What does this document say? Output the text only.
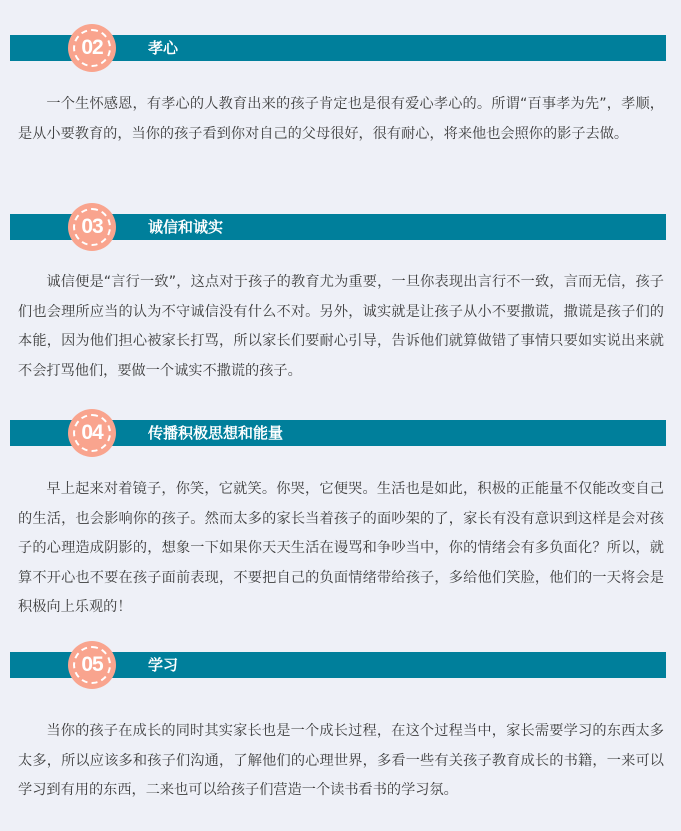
02	孝心

一个生怀感恩，有孝心的人教育出来的孩子肯定也是很有爱心孝心的。所谓“百事孝为先”，孝顺，是从小要教育的，当你的孩子看到你对自己的父母很好，很有耐心，将来他也会照你的影子去做。

03	诚信和诚实

诚信便是“言行一致”，这点对于孩子的教育尤为重要，一旦你表现出言行不一致，言而无信，孩子们也会理所应当的认为不守诚信没有什么不对。另外，诚实就是让孩子从小不要撒谎，撒谎是孩子们的本能，因为他们担心被家长打骂，所以家长们要耐心引导，告诉他们就算做错了事情只要如实说出来就不会打骂他们，要做一个诚实不撒谎的孩子。

04	传播积极思想和能量

早上起来对着镜子，你笑，它就笑。你哭，它便哭。生活也是如此，积极的正能量不仅能改变自己的生活，也会影响你的孩子。然而太多的家长当着孩子的面吵架的了，家长有没有意识到这样是会对孩子的心理造成阴影的，想象一下如果你天天生活在谩骂和争吵当中，你的情绪会有多负面化？所以，就算不开心也不要在孩子面前表现，不要把自己的负面情绪带给孩子，多给他们笑脸，他们的一天将会是积极向上乐观的！

05	学习

当你的孩子在成长的同时其实家长也是一个成长过程，在这个过程当中，家长需要学习的东西太多太多，所以应该多和孩子们沟通，了解他们的心理世界，多看一些有关孩子教育成长的书籍，一来可以学习到有用的东西，二来也可以给孩子们营造一个读书看书的学习氛。
